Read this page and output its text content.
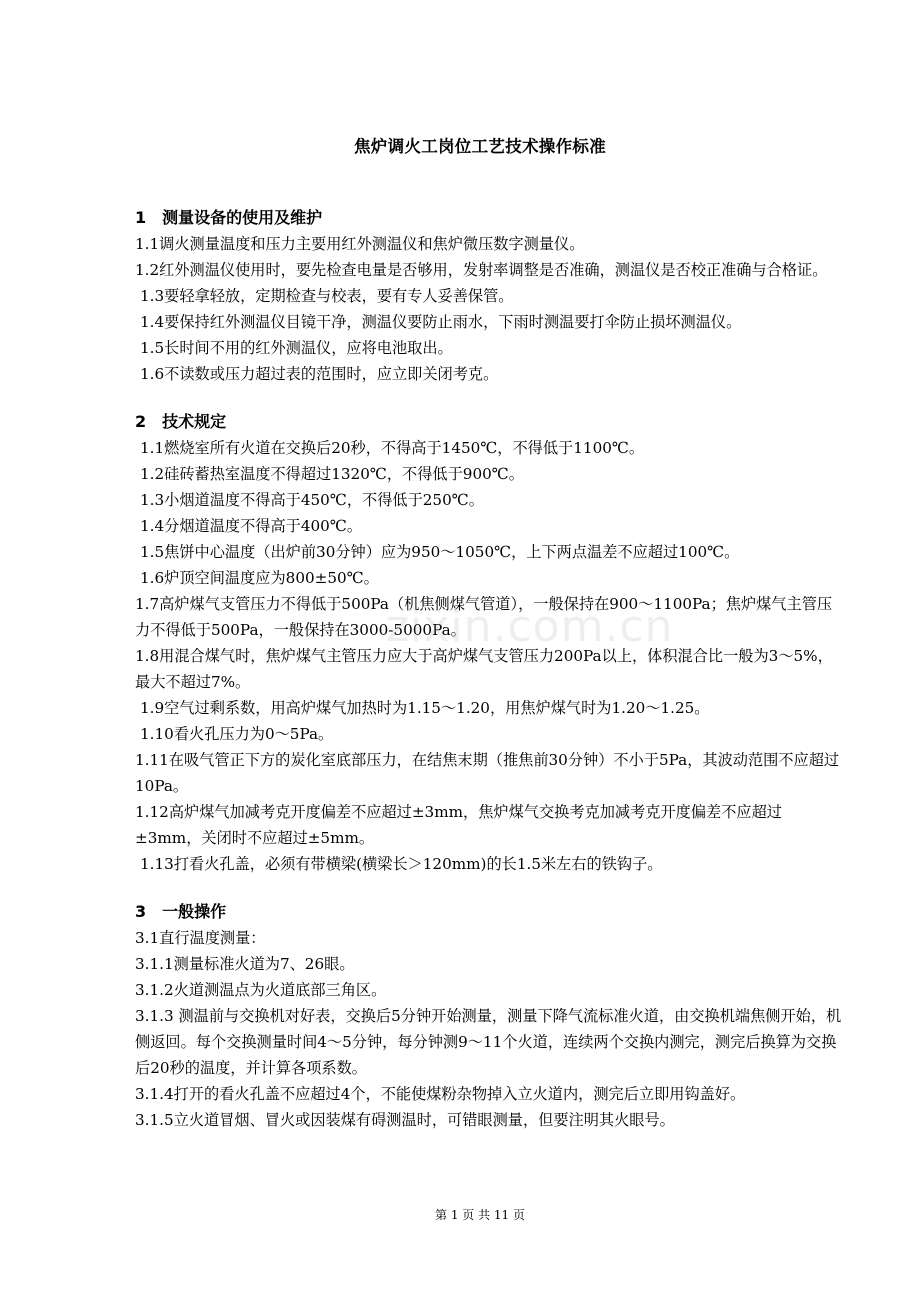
焦炉调火工岗位工艺技术操作标准
1　测量设备的使用及维护
1.1调火测量温度和压力主要用红外测温仪和焦炉微压数字测量仪。
1.2红外测温仪使用时，要先检查电量是否够用，发射率调整是否准确，测温仪是否校正准确与合格证。
1.3要轻拿轻放，定期检查与校表，要有专人妥善保管。
1.4要保持红外测温仪目镜干净，测温仪要防止雨水，下雨时测温要打伞防止损坏测温仪。
1.5长时间不用的红外测温仪，应将电池取出。
1.6不读数或压力超过表的范围时，应立即关闭考克。
2　技术规定
1.1燃烧室所有火道在交换后20秒，不得高于1450℃，不得低于1100℃。
1.2硅砖蓄热室温度不得超过1320℃，不得低于900℃。
1.3小烟道温度不得高于450℃，不得低于250℃。
1.4分烟道温度不得高于400℃。
1.5焦饼中心温度（出炉前30分钟）应为950～1050℃，上下两点温差不应超过100℃。
1.6炉顶空间温度应为800±50℃。
1.7高炉煤气支管压力不得低于500Pa（机焦侧煤气管道），一般保持在900～1100Pa；焦炉煤气主管压力不得低于500Pa，一般保持在3000-5000Pa。
1.8用混合煤气时，焦炉煤气主管压力应大于高炉煤气支管压力200Pa以上，体积混合比一般为3～5%，最大不超过7%。
1.9空气过剩系数，用高炉煤气加热时为1.15～1.20，用焦炉煤气时为1.20～1.25。
1.10看火孔压力为0～5Pa。
1.11在吸气管正下方的炭化室底部压力，在结焦末期（推焦前30分钟）不小于5Pa，其波动范围不应超过10Pa。
1.12高炉煤气加减考克开度偏差不应超过±3mm，焦炉煤气交换考克加减考克开度偏差不应超过±3mm，关闭时不应超过±5mm。
1.13打看火孔盖，必须有带横梁(横梁长＞120mm)的长1.5米左右的铁钩子。
3　一般操作
3.1直行温度测量：
3.1.1测量标准火道为7、26眼。
3.1.2火道测温点为火道底部三角区。
3.1.3 测温前与交换机对好表，交换后5分钟开始测量，测量下降气流标准火道，由交换机端焦侧开始，机侧返回。每个交换测量时间4～5分钟，每分钟测9～11个火道，连续两个交换内测完，测完后换算为交换后20秒的温度，并计算各项系数。
3.1.4打开的看火孔盖不应超过4个，不能使煤粉杂物掉入立火道内，测完后立即用钩盖好。
3.1.5立火道冒烟、冒火或因装煤有碍测温时，可错眼测量，但要注明其火眼号。
zixin.com.cn
第 1 页 共 11 页
